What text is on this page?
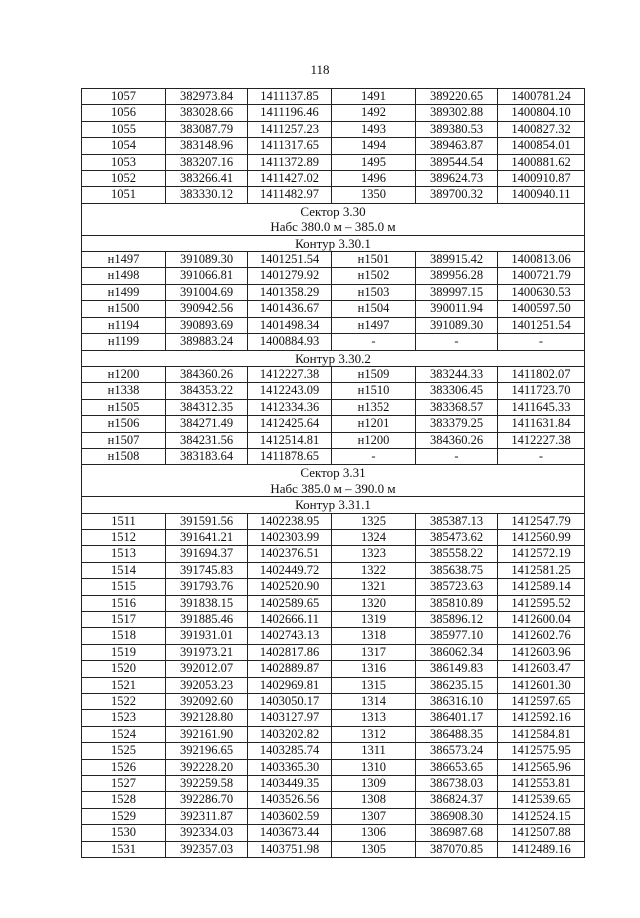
118
1057	382973.84	1411137.85	1491	389220.65	1400781.24
1056	383028.66	1411196.46	1492	389302.88	1400804.10
1055	383087.79	1411257.23	1493	389380.53	1400827.32
1054	383148.96	1411317.65	1494	389463.87	1400854.01
1053	383207.16	1411372.89	1495	389544.54	1400881.62
1052	383266.41	1411427.02	1496	389624.73	1400910.87
1051	383330.12	1411482.97	1350	389700.32	1400940.11

Сектор 3.30
Набс 380.0 м – 385.0 м					

Контур 3.30.1					
н1497	391089.30	1401251.54	н1501	389915.42	1400813.06
н1498	391066.81	1401279.92	н1502	389956.28	1400721.79
н1499	391004.69	1401358.29	н1503	389997.15	1400630.53
н1500	390942.56	1401436.67	н1504	390011.94	1400597.50
н1194	390893.69	1401498.34	н1497	391089.30	1401251.54
н1199	389883.24	1400884.93	-	-	-
Контур 3.30.2					
н1200	384360.26	1412227.38	н1509	383244.33	1411802.07
н1338	384353.22	1412243.09	н1510	383306.45	1411723.70
н1505	384312.35	1412334.36	н1352	383368.57	1411645.33
н1506	384271.49	1412425.64	н1201	383379.25	1411631.84
н1507	384231.56	1412514.81	н1200	384360.26	1412227.38
н1508	383183.64	1411878.65	-	-	-

Сектор 3.31
Набс 385.0 м – 390.0 м					

Контур 3.31.1					
1511	391591.56	1402238.95	1325	385387.13	1412547.79
1512	391641.21	1402303.99	1324	385473.62	1412560.99
1513	391694.37	1402376.51	1323	385558.22	1412572.19
1514	391745.83	1402449.72	1322	385638.75	1412581.25
1515	391793.76	1402520.90	1321	385723.63	1412589.14
1516	391838.15	1402589.65	1320	385810.89	1412595.52
1517	391885.46	1402666.11	1319	385896.12	1412600.04
1518	391931.01	1402743.13	1318	385977.10	1412602.76
1519	391973.21	1402817.86	1317	386062.34	1412603.96
1520	392012.07	1402889.87	1316	386149.83	1412603.47
1521	392053.23	1402969.81	1315	386235.15	1412601.30
1522	392092.60	1403050.17	1314	386316.10	1412597.65
1523	392128.80	1403127.97	1313	386401.17	1412592.16
1524	392161.90	1403202.82	1312	386488.35	1412584.81
1525	392196.65	1403285.74	1311	386573.24	1412575.95
1526	392228.20	1403365.30	1310	386653.65	1412565.96
1527	392259.58	1403449.35	1309	386738.03	1412553.81
1528	392286.70	1403526.56	1308	386824.37	1412539.65
1529	392311.87	1403602.59	1307	386908.30	1412524.15
1530	392334.03	1403673.44	1306	386987.68	1412507.88
1531	392357.03	1403751.98	1305	387070.85	1412489.16
